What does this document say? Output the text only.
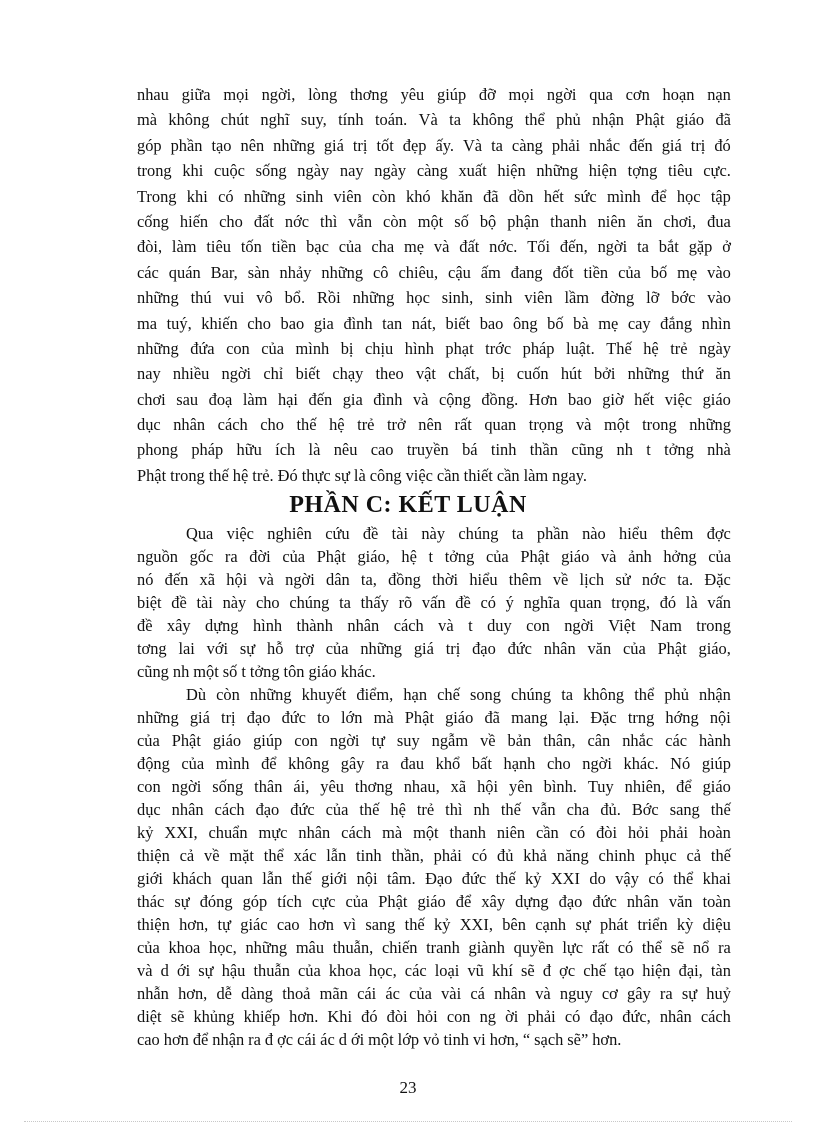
nhau giữa mọi ngời, lòng thơng yêu giúp đỡ mọi ngời qua cơn hoạn nạn
mà không chút nghĩ suy, tính toán. Và ta không thể phủ nhận Phật giáo đã
góp phần tạo nên những giá trị tốt đẹp ấy. Và ta càng phải nhắc đến giá trị đó
trong khi cuộc sống ngày nay ngày càng xuất hiện những hiện tợng tiêu cực.
Trong khi có những sinh viên còn khó khăn đã dồn hết sức mình để học tập
cống hiến cho đất nớc thì vẫn còn một số bộ phận thanh niên ăn chơi, đua
đòi, làm tiêu tốn tiền bạc của cha mẹ và đất nớc. Tối đến, ngời ta bắt gặp ở
các quán Bar, sàn nhảy những cô chiêu, cậu ấm đang đốt tiền của bố mẹ vào
những thú vui vô bổ. Rồi những học sinh, sinh viên lầm đờng lỡ bớc vào
ma tuý, khiến cho bao gia đình tan nát, biết bao ông bố bà mẹ cay đắng nhìn
những đứa con của mình bị chịu hình phạt trớc pháp luật. Thế hệ trẻ ngày
nay nhiều ngời chỉ biết chạy theo vật chất, bị cuốn hút bởi những thứ ăn
chơi sau đoạ làm hại đến gia đình và cộng đồng. Hơn bao giờ hết việc giáo
dục nhân cách cho thế hệ trẻ trở nên rất quan trọng và một trong những
phong pháp hữu ích là nêu cao truyền bá tinh thần cũng nh t tởng nhà
Phật trong thế hệ trẻ. Đó thực sự là công việc cần thiết cần làm ngay.
PHẦN C: KẾT LUẬN
Qua việc nghiên cứu đề tài này chúng ta phần nào hiểu thêm đợc
nguồn gốc ra đời của Phật giáo, hệ t tởng của Phật giáo và ảnh hởng của
nó đến xã hội và ngời dân ta, đồng thời hiểu thêm về lịch sử nớc ta. Đặc
biệt đề tài này cho chúng ta thấy rõ vấn đề có ý nghĩa quan trọng, đó là vấn
đề xây dựng hình thành nhân cách và t duy con ngời Việt Nam trong
tơng lai với sự hỗ trợ của những giá trị đạo đức nhân văn của Phật giáo,
cũng nh một số t tởng tôn giáo khác.
Dù còn những khuyết điểm, hạn chế song chúng ta không thể phủ nhận
những giá trị đạo đức to lớn mà Phật giáo đã mang lại. Đặc trng hớng nội
của Phật giáo giúp con ngời tự suy ngẫm về bản thân, cân nhắc các hành
động của mình để không gây ra đau khổ bất hạnh cho ngời khác. Nó giúp
con ngời sống thân ái, yêu thơng nhau, xã hội yên bình. Tuy nhiên, để giáo
dục nhân cách đạo đức của thế hệ trẻ thì nh thế vẫn cha đủ. Bớc sang thế
kỷ XXI, chuẩn mực nhân cách mà một thanh niên cần có đòi hỏi phải hoàn
thiện cả về mặt thể xác lẫn tinh thần, phải có đủ khả năng chinh phục cả thế
giới khách quan lẫn thế giới nội tâm. Đạo đức thế kỷ XXI do vậy có thể khai
thác sự đóng góp tích cực của Phật giáo để xây dựng đạo đức nhân văn toàn
thiện hơn, tự giác cao hơn vì sang thế kỷ XXI, bên cạnh sự phát triển kỳ diệu
của khoa học, những mâu thuẫn, chiến tranh giành quyền lực rất có thể sẽ nổ ra
và d ới sự hậu thuẫn của khoa học, các loại vũ khí sẽ đ ợc chế tạo hiện đại, tàn
nhẫn hơn, dễ dàng thoả mãn cái ác của vài cá nhân và nguy cơ gây ra sự huỷ
diệt sẽ khủng khiếp hơn. Khi đó đòi hỏi con ng ời phải có đạo đức, nhân cách
cao hơn để nhận ra đ ợc cái ác d ới một lớp vỏ tinh vi hơn, “ sạch sẽ” hơn.
23
